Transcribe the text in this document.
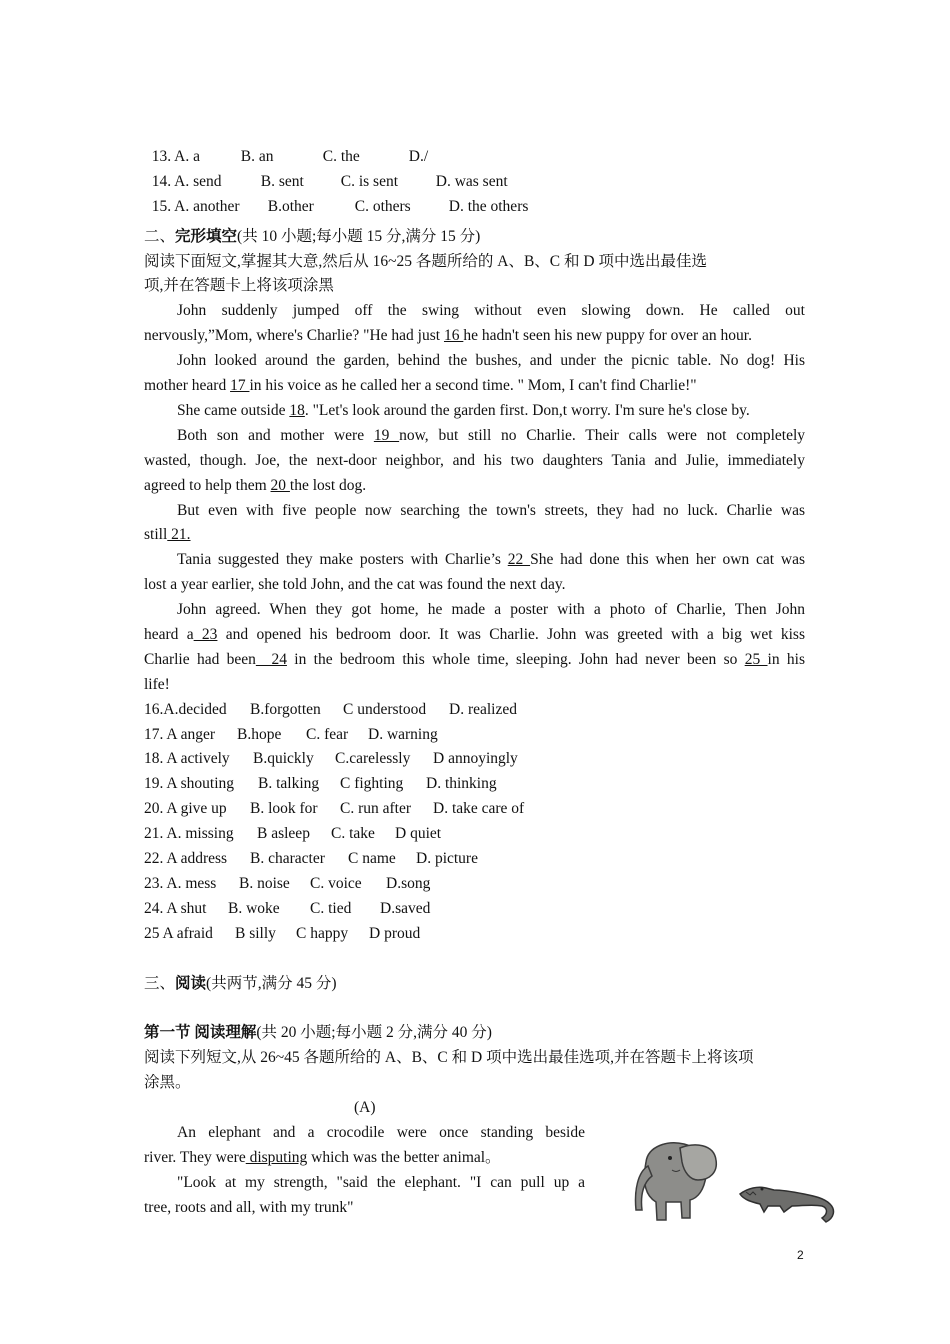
13. A. a	B. an	C. the	D./

14. A. send	B. sent C. is sent D. was sent

15. A. another B.other	C. others D. the others

二、完形填空(共 10 小题;每小题 15 分,满分 15 分)
阅读下面短文,掌握其大意,然后从 16~25 各题所给的 A、B、C 和 D 项中选出最佳选
项,并在答题卡上将该项涂黑
John suddenly jumped off the swing without even slowing down. He called out
nervously,”Mom, where's Charlie? "He had just 16 he hadn't seen his new puppy for over an hour.
John looked around the garden, behind the bushes, and under the picnic table. No dog! His
mother heard 17 in his voice as he called her a second time. " Mom, I can't find Charlie!"
She came outside 18. "Let's look around the garden first. Don,t worry. I'm sure he's close by.
Both son and mother were 19 now, but still no Charlie. Their calls were not completely
wasted, though. Joe, the next-door neighbor, and his two daughters Tania and Julie, immediately
agreed to help them 20 the lost dog.
But even with five people now searching the town's streets, they had no luck. Charlie was
still 21.
Tania suggested they make posters with Charlie’s 22 She had done this when her own cat was
lost a year earlier, she told John, and the cat was found the next day.
John agreed. When they got home, he made a poster with a photo of Charlie, Then John
heard a 23 and opened his bedroom door. It was Charlie. John was greeted with a big wet kiss
Charlie had been__24 in the bedroom this whole time, sleeping. John had never been so 25 in his
life!
16.A.decided B.forgotten C understood D. realized
17. A anger B.hope C. fear D. warning
18. A actively B.quickly C.carelessly D annoyingly
19. A shouting B. talking C fighting D. thinking
20. A give up B. look for C. run after D. take care of
21. A. missing B asleep C. take D quiet
22. A address B. character C name D. picture
23. A. mess B. noise C. voice D.song
24. A shut B. woke C. tied D.saved
25 A afraid B silly C happy D proud
三、阅读(共两节,满分 45 分)
第一节 阅读理解(共 20 小题;每小题 2 分,满分 40 分)
阅读下列短文,从 26~45 各题所给的 A、B、C 和 D 项中选出最佳选项,并在答题卡上将该项
涂黑。
(A)
An elephant and a crocodile were once standing beside
river. They were disputing which was the better animal。
"Look at my strength, "said the elephant. "I can pull up a
tree, roots and all, with my trunk"
2
